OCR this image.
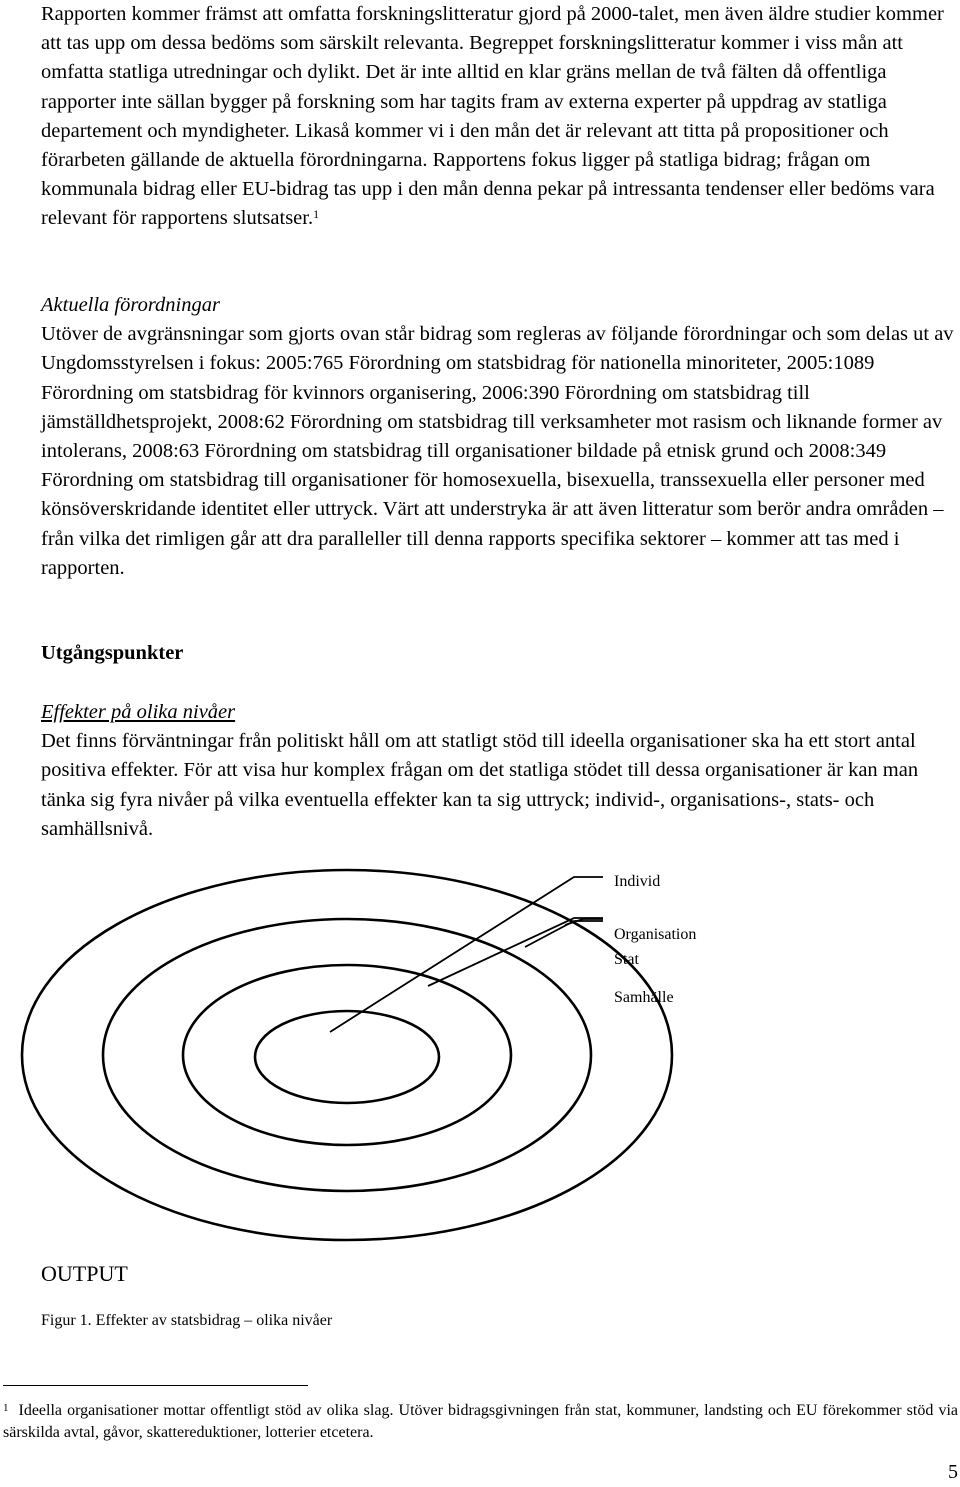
Rapporten kommer främst att omfatta forskningslitteratur gjord på 2000-talet, men även äldre studier kommer att tas upp om dessa bedöms som särskilt relevanta. Begreppet forskningslitteratur kommer i viss mån att omfatta statliga utredningar och dylikt. Det är inte alltid en klar gräns mellan de två fälten då offentliga rapporter inte sällan bygger på forskning som har tagits fram av externa experter på uppdrag av statliga departement och myndigheter. Likaså kommer vi i den mån det är relevant att titta på propositioner och förarbeten gällande de aktuella förordningarna. Rapportens fokus ligger på statliga bidrag; frågan om kommunala bidrag eller EU-bidrag tas upp i den mån denna pekar på intressanta tendenser eller bedöms vara relevant för rapportens slutsatser.$^1$

Aktuella förordningar
Utöver de avgränsningar som gjorts ovan står bidrag som regleras av följande förordningar och som delas ut av Ungdomsstyrelsen i fokus: 2005:765 Förordning om statsbidrag för nationella minoriteter, 2005:1089 Förordning om statsbidrag för kvinnors organisering, 2006:390 Förordning om statsbidrag till jämställdhetsprojekt, 2008:62 Förordning om statsbidrag till verksamheter mot rasism och liknande former av intolerans, 2008:63 Förordning om statsbidrag till organisationer bildade på etnisk grund och 2008:349 Förordning om statsbidrag till organisationer för homosexuella, bisexuella, transsexuella eller personer med könsöverskridande identitet eller uttryck. Värt att understryka är att även litteratur som berör andra områden – från vilka det rimligen går att dra paralleller till denna rapports specifika sektorer – kommer att tas med i rapporten.

Utgångspunkter

Effekter på olika nivåer
Det finns förväntningar från politiskt håll om att statligt stöd till ideella organisationer ska ha ett stort antal positiva effekter. För att visa hur komplex frågan om det statliga stödet till dessa organisationer är kan man tänka sig fyra nivåer på vilka eventuella effekter kan ta sig uttryck; individ-, organisations-, stats- och samhällsnivå.

Individ
Organisation
Stat
Samhälle
OUTPUT
Figur 1. Effekter av statsbidrag – olika nivåer

$^1$ Ideella organisationer mottar offentligt stöd av olika slag. Utöver bidragsgivningen från stat, kommuner, landsting och EU förekommer stöd via särskilda avtal, gåvor, skattereduktioner, lotterier etcetera.

5
